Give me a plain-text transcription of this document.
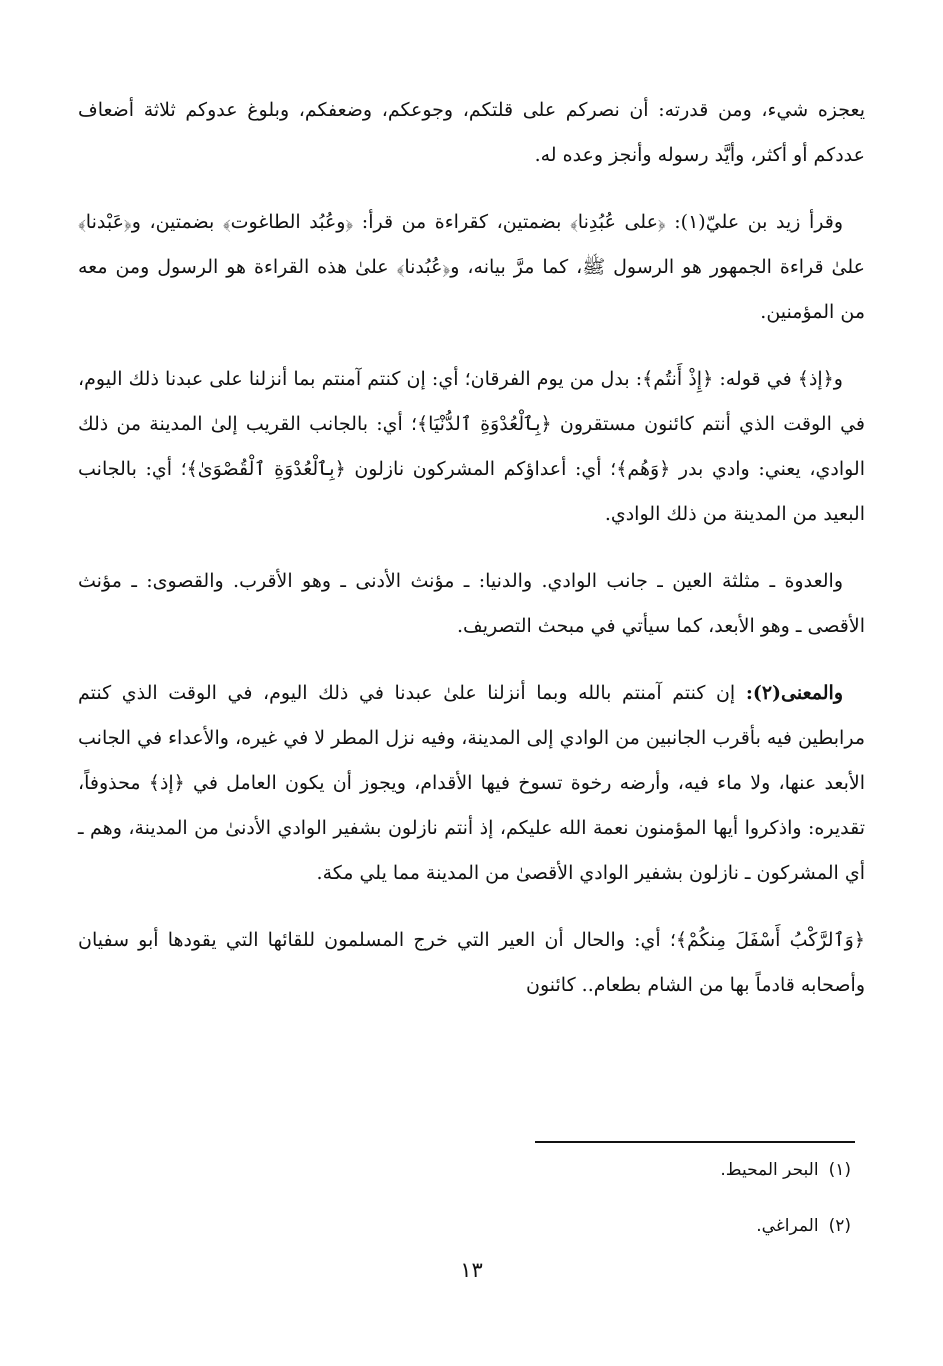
يعجزه شيء، ومن قدرته: أن نصركم على قلتكم، وجوعكم، وضعفكم، وبلوغ عدوكم ثلاثة أضعاف عددكم أو أكثر، وأيَّد رسوله وأنجز وعده له.

وقرأ زيد بن عليّ(١): ﴿على عُبُدِنا﴾ بضمتين، كقراءة من قرأ: ﴿وعُبُد الطاغوت﴾ بضمتين، و﴿عَبْدنا﴾ علىٰ قراءة الجمهور هو الرسول ﷺ، كما مرَّ بيانه، و﴿عُبُدنا﴾ علىٰ هذه القراءة هو الرسول ومن معه من المؤمنين.

و﴿إذ﴾ في قوله: ﴿إِذْ أَنتُم﴾: بدل من يوم الفرقان؛ أي: إن كنتم آمنتم بما أنزلنا على عبدنا ذلك اليوم، في الوقت الذي أنتم كائنون مستقرون ﴿بِٱلْعُدْوَةِ ٱلدُّنْيَا﴾؛ أي: بالجانب القريب إلىٰ المدينة من ذلك الوادي، يعني: وادي بدر ﴿وَهُم﴾؛ أي: أعداؤكم المشركون نازلون ﴿بِٱلْعُدْوَةِ ٱلْقُصْوَىٰ﴾؛ أي: بالجانب البعيد من المدينة من ذلك الوادي.

والعدوة ـ مثلثة العين ـ جانب الوادي. والدنيا: ـ مؤنث الأدنى ـ وهو الأقرب. والقصوى: ـ مؤنث الأقصى ـ وهو الأبعد، كما سيأتي في مبحث التصريف.

والمعنى(٢): إن كنتم آمنتم بالله وبما أنزلنا علىٰ عبدنا في ذلك اليوم، في الوقت الذي كنتم مرابطين فيه بأقرب الجانبين من الوادي إلى المدينة، وفيه نزل المطر لا في غيره، والأعداء في الجانب الأبعد عنها، ولا ماء فيه، وأرضه رخوة تسوخ فيها الأقدام، ويجوز أن يكون العامل في ﴿إذ﴾ محذوفاً، تقديره: واذكروا أيها المؤمنون نعمة الله عليكم، إذ أنتم نازلون بشفير الوادي الأدنىٰ من المدينة، وهم ـ أي المشركون ـ نازلون بشفير الوادي الأقصىٰ من المدينة مما يلي مكة.

﴿وَٱلرَّكْبُ أَسْفَلَ مِنكُمْ﴾؛ أي: والحال أن العير التي خرج المسلمون للقائها التي يقودها أبو سفيان وأصحابه قادماً بها من الشام بطعام.. كائنون

(١)البحر المحيط.
(٢)المراغي.
١٣
